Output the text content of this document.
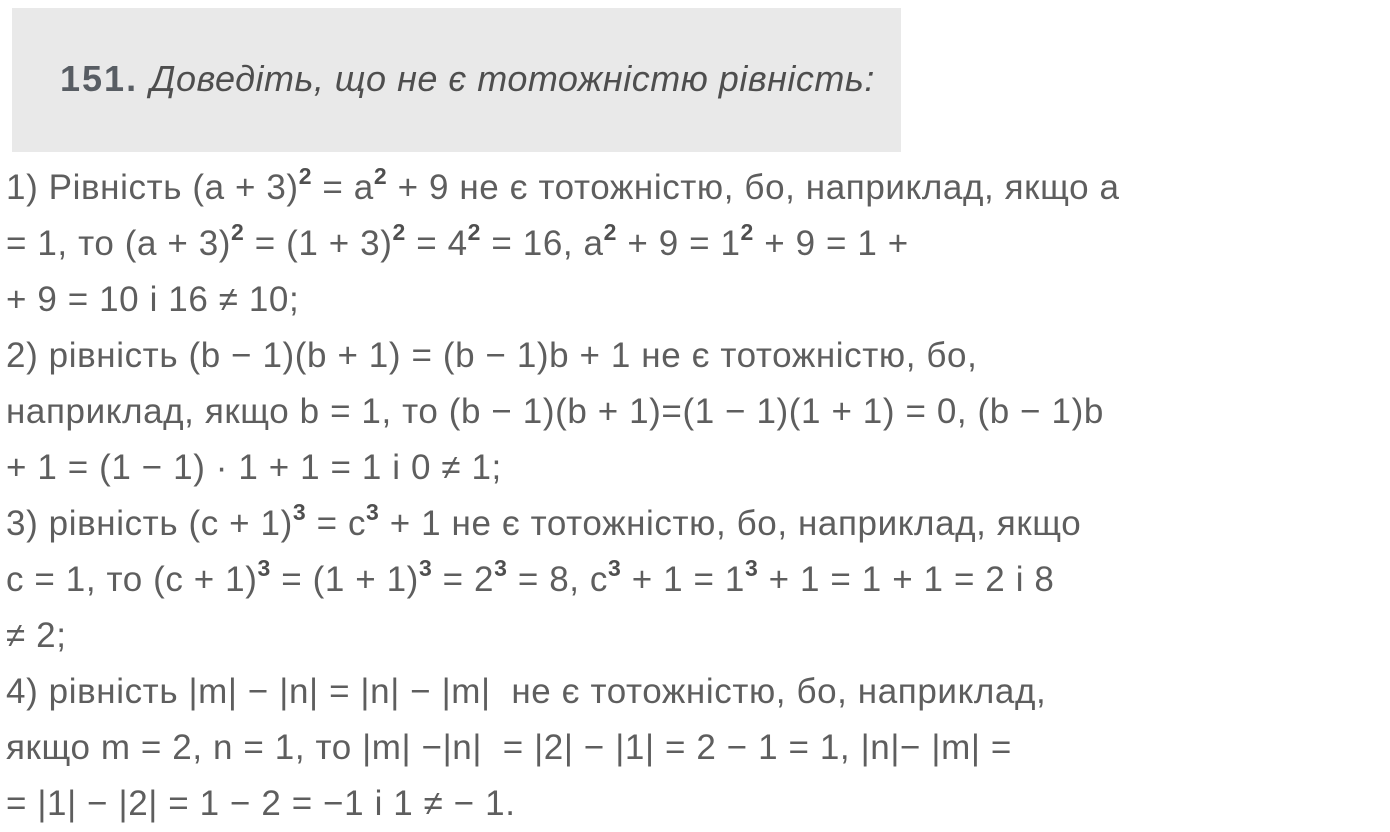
151. Доведіть, що не є тотожністю рівність:

1) Рівність $(a + 3)^2 = a^2 + 9$ не є тотожністю, бо, наприклад, якщо a
= 1, то $(a + 3)^2 = (1 + 3)^2 = 4^2 = 16$, $a^2 + 9 = 1^2 + 9 = 1$ +
+ 9 = 10 і 16 ≠ 10;
2) рівність (b − 1)(b + 1) = (b − 1)b + 1 не є тотожністю, бо,
наприклад, якщо b = 1, то (b − 1)(b + 1)=(1 − 1)(1 + 1) = 0, (b − 1)b
+ 1 = (1 − 1) · 1 + 1 = 1 і 0 ≠ 1;
3) рівність $(c + 1)^3 = c^3 + 1$ не є тотожністю, бо, наприклад, якщо
c = 1, то $(c + 1)^3 = (1 + 1)^3 = 2^3 = 8$, $c^3 + 1 = 1^3 + 1 = 1 + 1 = 2$ і 8
≠ 2;
4) рівність |m| − |n| = |n| − |m|  не є тотожністю, бо, наприклад,
якщо m = 2, n = 1, то |m| −|n|  = |2| − |1| = 2 − 1 = 1, |n|− |m| =
= |1| − |2| = 1 − 2 = −1 і 1 ≠ − 1.
